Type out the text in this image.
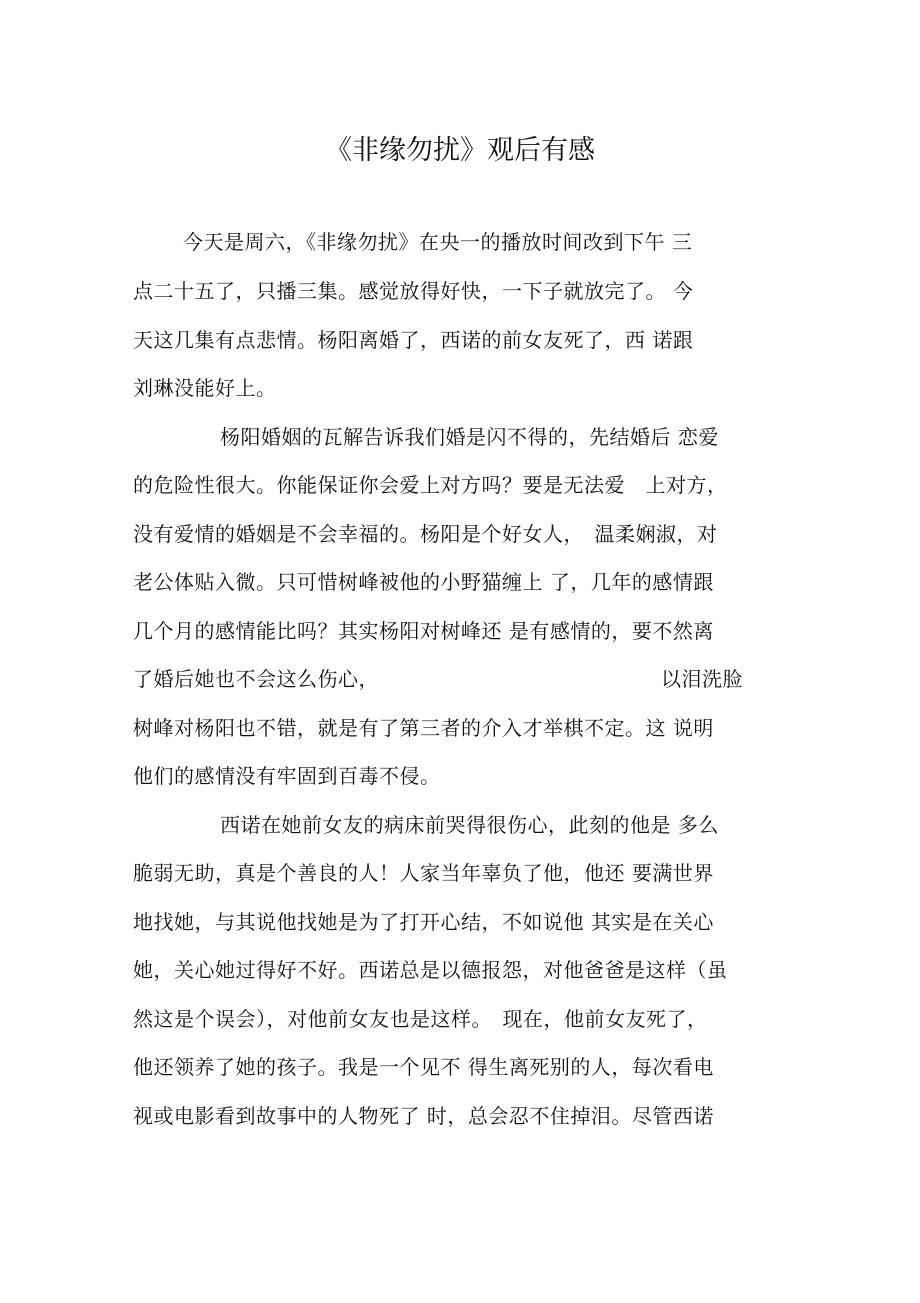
《非缘勿扰》观后有感
今天是周六，《非缘勿扰》在央一的播放时间改到下午 三
点二十五了，只播三集。感觉放得好快，一下子就放完了。 今
天这几集有点悲情。杨阳离婚了，西诺的前女友死了，西 诺跟
刘琳没能好上。
杨阳婚姻的瓦解告诉我们婚是闪不得的，先结婚后 恋爱
的危险性很大。你能保证你会爱上对方吗？要是无法爱　上对方，
没有爱情的婚姻是不会幸福的。杨阳是个好女人，　温柔娴淑，对
老公体贴入微。只可惜树峰被他的小野猫缠上 了，几年的感情跟
几个月的感情能比吗？其实杨阳对树峰还 是有感情的，要不然离
了婚后她也不会这么伤心，	以泪洗脸
树峰对杨阳也不错，就是有了第三者的介入才举棋不定。这 说明
他们的感情没有牢固到百毒不侵。
西诺在她前女友的病床前哭得很伤心，此刻的他是 多么
脆弱无助，真是个善良的人！人家当年辜负了他，他还 要满世界
地找她，与其说他找她是为了打开心结，不如说他 其实是在关心
她，关心她过得好不好。西诺总是以德报怨，对他爸爸是这样（虽
然这是个误会），对他前女友也是这样。　现在，他前女友死了，
他还领养了她的孩子。我是一个见不 得生离死别的人，每次看电
视或电影看到故事中的人物死了 时，总会忍不住掉泪。尽管西诺
